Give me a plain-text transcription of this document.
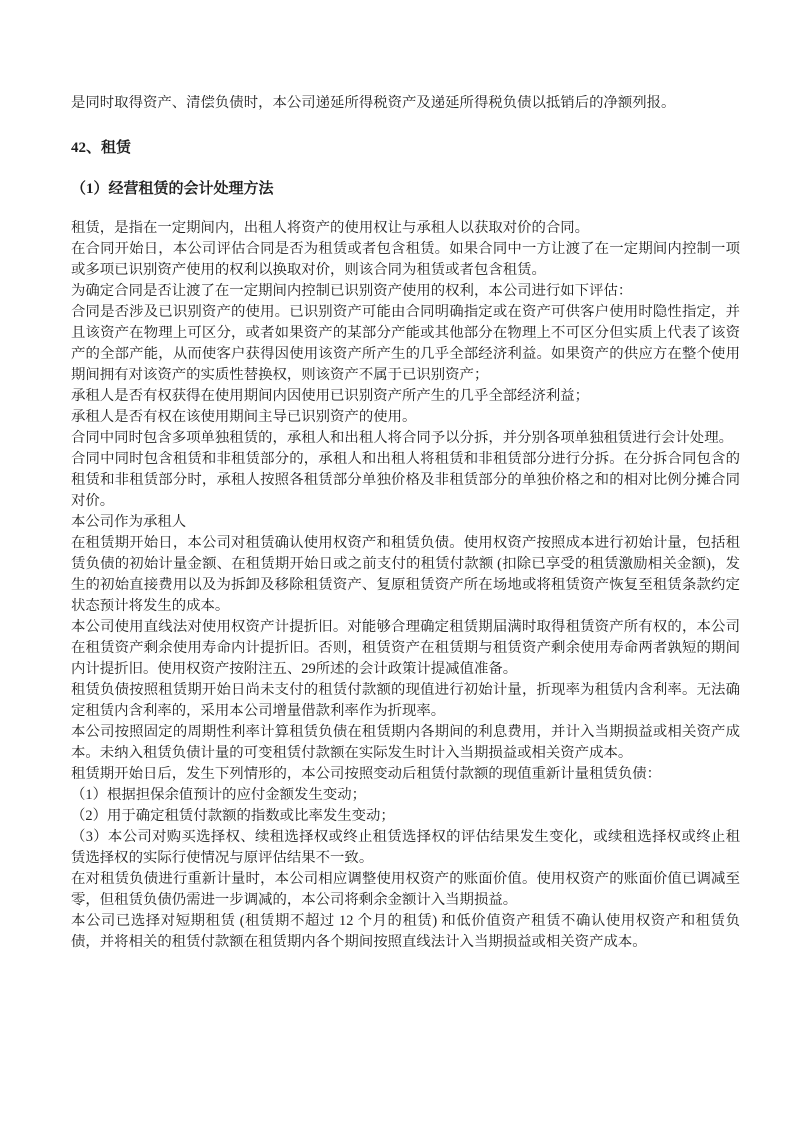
是同时取得资产、清偿负债时，本公司递延所得税资产及递延所得税负债以抵销后的净额列报。

42、租赁
（1）经营租赁的会计处理方法

租赁，是指在一定期间内，出租人将资产的使用权让与承租人以获取对价的合同。

在合同开始日，本公司评估合同是否为租赁或者包含租赁。如果合同中一方让渡了在一定期间内控制一项或多项已识别资产使用的权利以换取对价，则该合同为租赁或者包含租赁。

为确定合同是否让渡了在一定期间内控制已识别资产使用的权利，本公司进行如下评估：

合同是否涉及已识别资产的使用。已识别资产可能由合同明确指定或在资产可供客户使用时隐性指定，并且该资产在物理上可区分，或者如果资产的某部分产能或其他部分在物理上不可区分但实质上代表了该资产的全部产能，从而使客户获得因使用该资产所产生的几乎全部经济利益。如果资产的供应方在整个使用期间拥有对该资产的实质性替换权，则该资产不属于已识别资产；

承租人是否有权获得在使用期间内因使用已识别资产所产生的几乎全部经济利益；

承租人是否有权在该使用期间主导已识别资产的使用。

合同中同时包含多项单独租赁的，承租人和出租人将合同予以分拆，并分别各项单独租赁进行会计处理。

合同中同时包含租赁和非租赁部分的，承租人和出租人将租赁和非租赁部分进行分拆。在分拆合同包含的租赁和非租赁部分时，承租人按照各租赁部分单独价格及非租赁部分的单独价格之和的相对比例分摊合同对价。

本公司作为承租人

在租赁期开始日，本公司对租赁确认使用权资产和租赁负债。使用权资产按照成本进行初始计量，包括租赁负债的初始计量金额、在租赁期开始日或之前支付的租赁付款额 (扣除已享受的租赁激励相关金额)，发生的初始直接费用以及为拆卸及移除租赁资产、复原租赁资产所在场地或将租赁资产恢复至租赁条款约定状态预计将发生的成本。

本公司使用直线法对使用权资产计提折旧。对能够合理确定租赁期届满时取得租赁资产所有权的，本公司在租赁资产剩余使用寿命内计提折旧。否则，租赁资产在租赁期与租赁资产剩余使用寿命两者孰短的期间内计提折旧。使用权资产按附注五、29所述的会计政策计提减值准备。

租赁负债按照租赁期开始日尚未支付的租赁付款额的现值进行初始计量，折现率为租赁内含利率。无法确定租赁内含利率的，采用本公司增量借款利率作为折现率。

本公司按照固定的周期性利率计算租赁负债在租赁期内各期间的利息费用，并计入当期损益或相关资产成本。未纳入租赁负债计量的可变租赁付款额在实际发生时计入当期损益或相关资产成本。

租赁期开始日后，发生下列情形的，本公司按照变动后租赁付款额的现值重新计量租赁负债：

（1）根据担保余值预计的应付金额发生变动；

（2）用于确定租赁付款额的指数或比率发生变动；

（3）本公司对购买选择权、续租选择权或终止租赁选择权的评估结果发生变化，或续租选择权或终止租赁选择权的实际行使情况与原评估结果不一致。

在对租赁负债进行重新计量时，本公司相应调整使用权资产的账面价值。使用权资产的账面价值已调减至零，但租赁负债仍需进一步调减的，本公司将剩余金额计入当期损益。

本公司已选择对短期租赁 (租赁期不超过 12 个月的租赁) 和低价值资产租赁不确认使用权资产和租赁负债，并将相关的租赁付款额在租赁期内各个期间按照直线法计入当期损益或相关资产成本。
